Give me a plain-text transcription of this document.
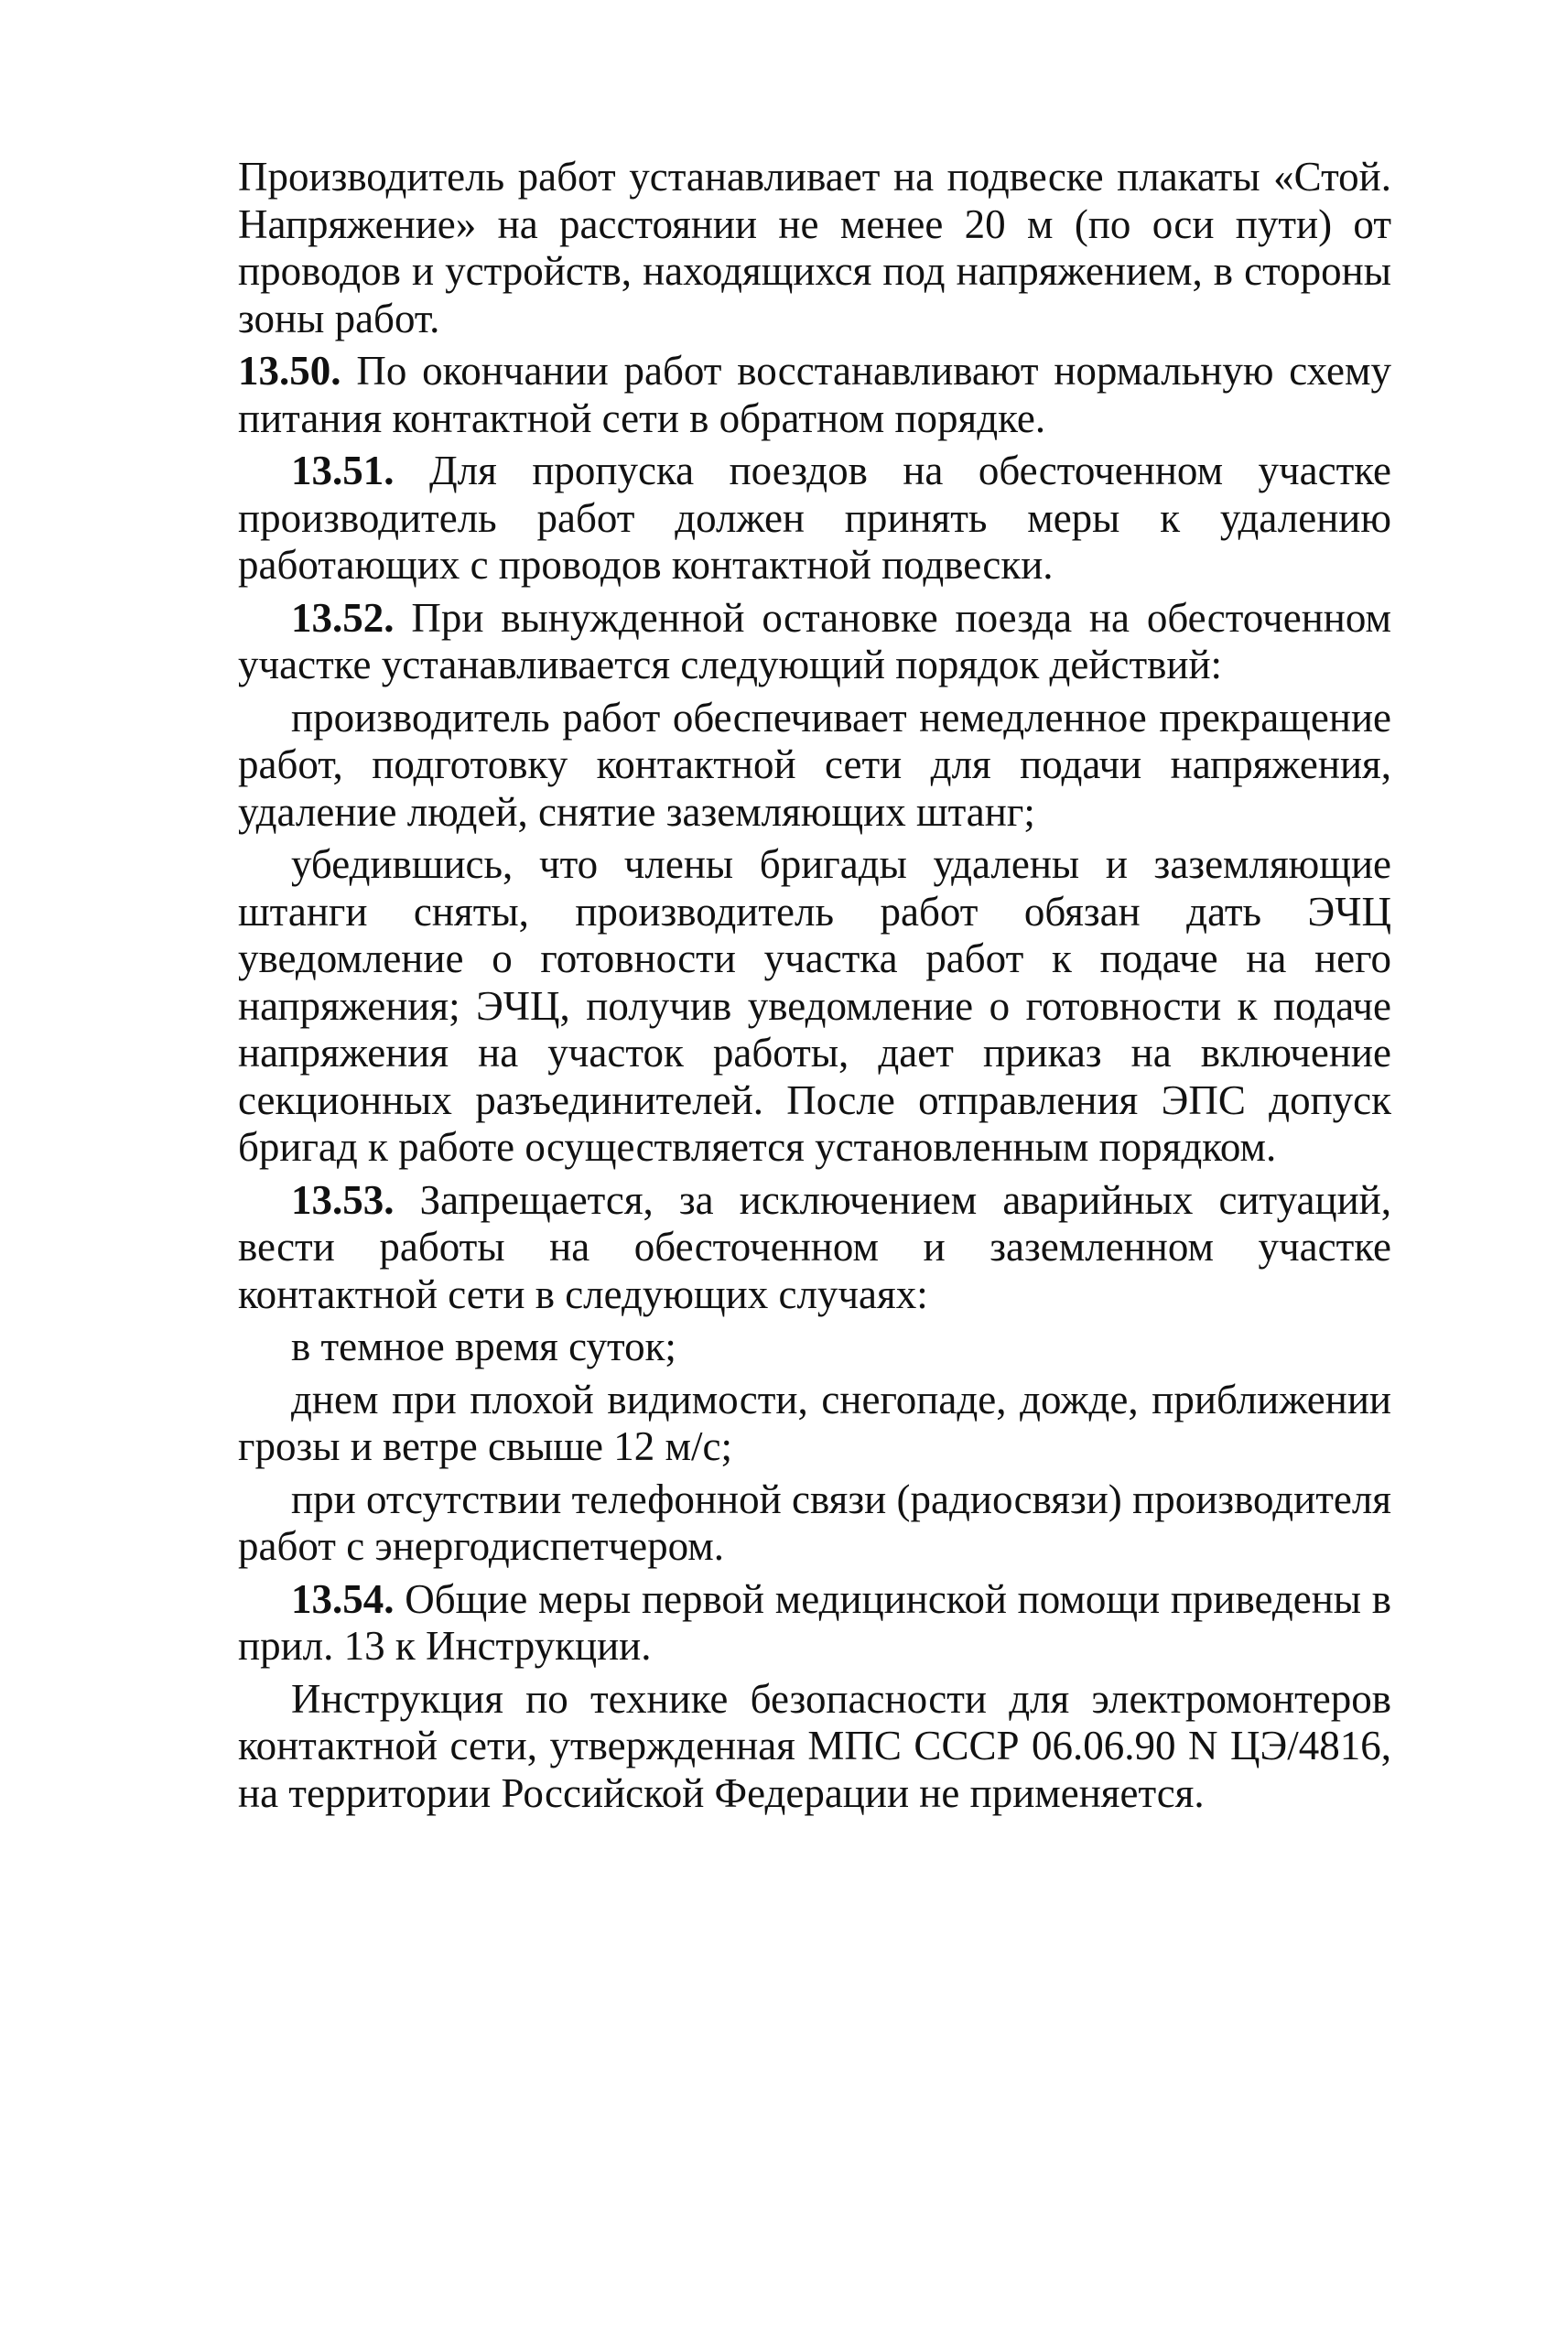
Производитель работ устанавливает на подвеске плакаты «Стой. Напряжение» на расстоянии не менее 20 м (по оси пути) от проводов и устройств, находящихся под напряжением, в стороны зоны работ.

13.50. По окончании работ восстанавливают нормальную схему питания контактной сети в обратном порядке.

13.51. Для пропуска поездов на обесточенном участке производитель работ должен принять меры к удалению работающих с проводов контактной подвески.

13.52. При вынужденной остановке поезда на обесточенном участке устанавливается следующий порядок действий:

производитель работ обеспечивает немедленное прекращение работ, подготовку контактной сети для подачи напряжения, удаление людей, снятие заземляющих штанг;

убедившись, что члены бригады удалены и заземляющие штанги сняты, производитель работ обязан дать ЭЧЦ уведомление о готовности участка работ к подаче на него напряжения; ЭЧЦ, получив уведомление о готовности к подаче напряжения на участок работы, дает приказ на включение секционных разъединителей. После отправления ЭПС допуск бригад к работе осуществляется установленным порядком.

13.53. Запрещается, за исключением аварийных ситуаций, вести работы на обесточенном и заземленном участке контактной сети в следующих случаях:

в темное время суток;

днем при плохой видимости, снегопаде, дожде, приближении грозы и ветре свыше 12 м/с;

при отсутствии телефонной связи (радиосвязи) производителя работ с энергодиспетчером.

13.54. Общие меры первой медицинской помощи приведены в прил. 13 к Инструкции.

Инструкция по технике безопасности для электромонтеров контактной сети, утвержденная МПС СССР 06.06.90 N ЦЭ/4816, на территории Российской Федерации не применяется.
